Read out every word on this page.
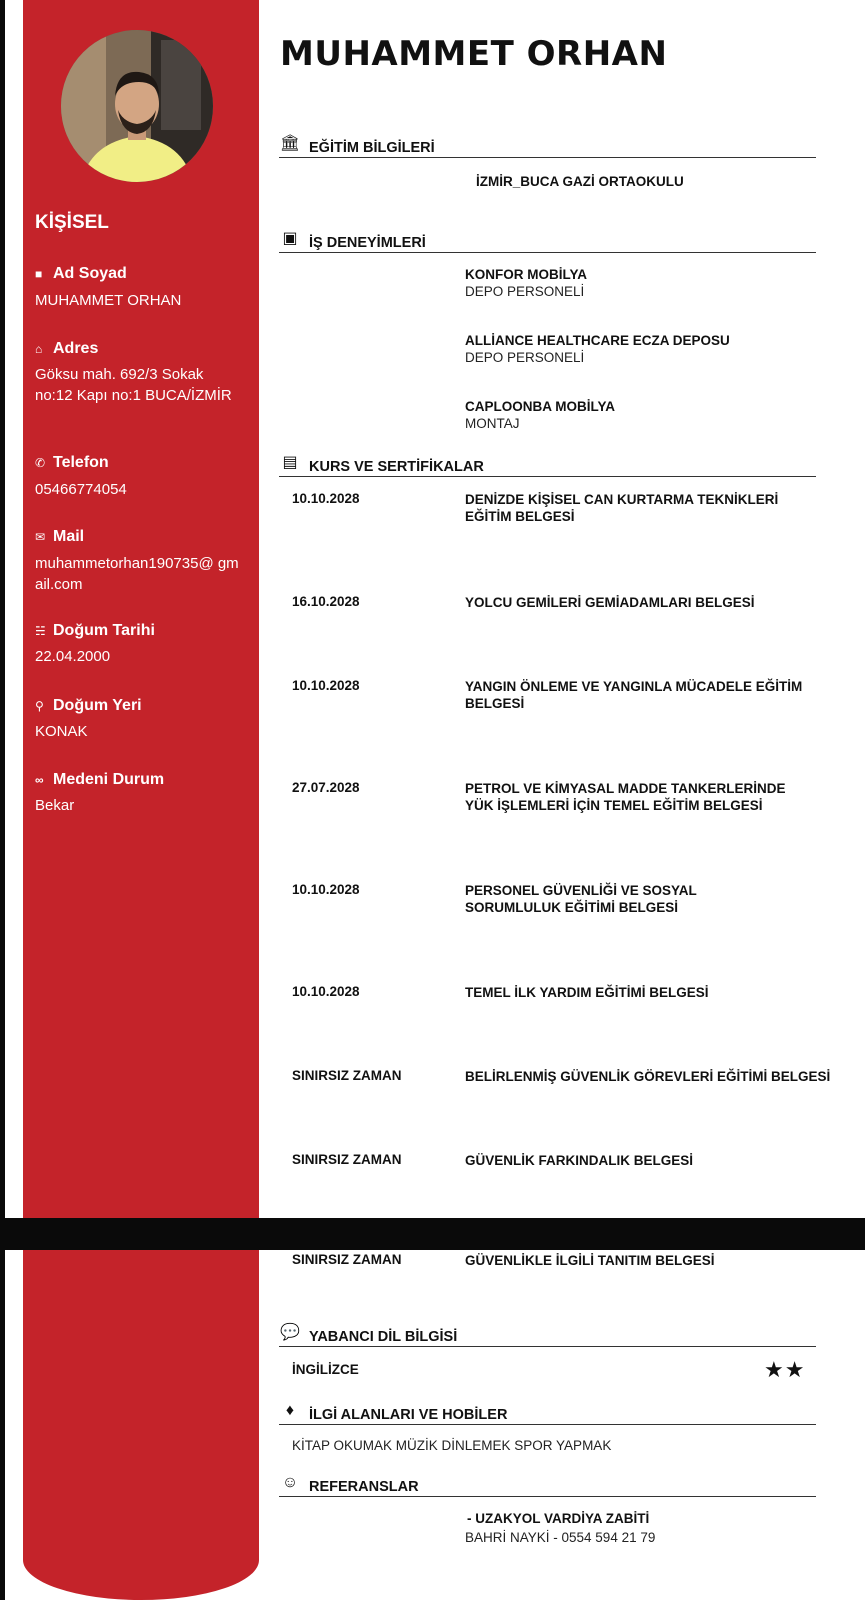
KİŞİSEL
■ Ad Soyad
MUHAMMET ORHAN
⌂ Adres
Göksu mah. 692/3 Sokak no:12 Kapı no:1 BUCA/İZMİR
✆ Telefon
05466774054
✉ Mail
muhammetorhan190735@ gmail.com
☵ Doğum Tarihi
22.04.2000
⚲ Doğum Yeri
KONAK
∞ Medeni Durum
Bekar
MUHAMMET ORHAN
🏛 EĞİTİM BİLGİLERİ
İZMİR_BUCA GAZİ ORTAOKULU
▣ İŞ DENEYİMLERİ
KONFOR MOBİLYA
DEPO PERSONELİ
ALLİANCE HEALTHCARE ECZA DEPOSU
DEPO PERSONELİ
CAPLOONBA MOBİLYA
MONTAJ
▤ KURS VE SERTİFİKALAR
10.10.2028	DENİZDE KİŞİSEL CAN KURTARMA TEKNİKLERİ EĞİTİM BELGESİ
16.10.2028	YOLCU GEMİLERİ GEMİADAMLARI BELGESİ
10.10.2028	YANGIN ÖNLEME VE YANGINLA MÜCADELE EĞİTİM BELGESİ
27.07.2028	PETROL VE KİMYASAL MADDE TANKERLERİNDE YÜK İŞLEMLERİ İÇİN TEMEL EĞİTİM BELGESİ
10.10.2028	PERSONEL GÜVENLİĞİ VE SOSYAL SORUMLULUK EĞİTİMİ BELGESİ
10.10.2028	TEMEL İLK YARDIM EĞİTİMİ BELGESİ
SINIRSIZ ZAMAN	BELİRLENMİŞ GÜVENLİK GÖREVLERİ EĞİTİMİ BELGESİ
SINIRSIZ ZAMAN	GÜVENLİK FARKINDALIK BELGESİ
SINIRSIZ ZAMAN	GÜVENLİKLE İLGİLİ TANITIM BELGESİ
💬 YABANCI DİL BİLGİSİ
İNGİLİZCE	★★
♦	İLGİ ALANLARI VE HOBİLER
KİTAP OKUMAK MÜZİK DİNLEMEK SPOR YAPMAK
☺ REFERANSLAR
- UZAKYOL VARDİYA ZABİTİ
BAHRİ NAYKİ - 0554 594 21 79
